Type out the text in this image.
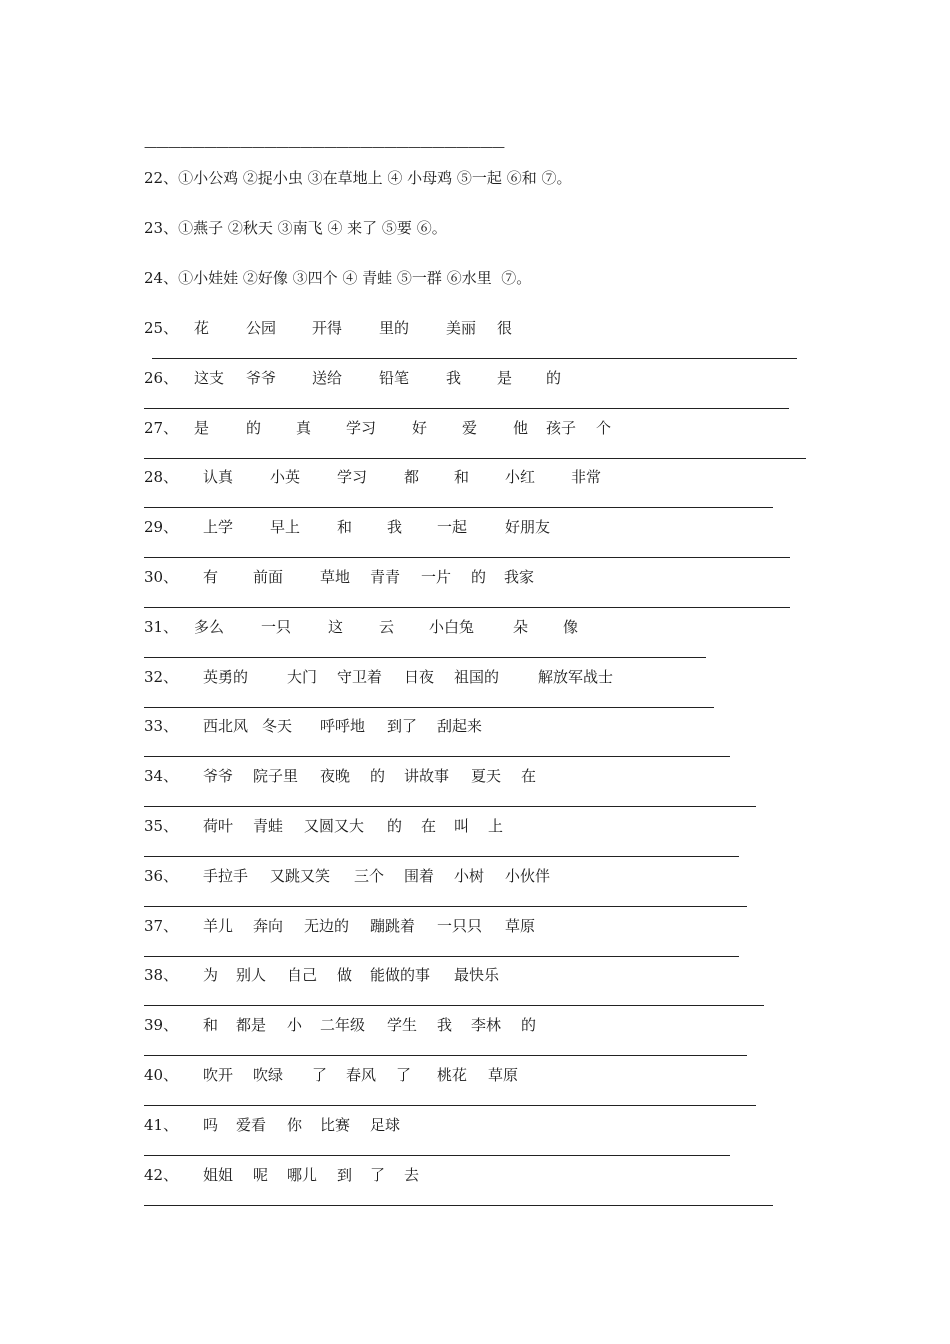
——————————————————————————————
22、①小公鸡 ②捉小虫 ③在草地上 ④ 小母鸡 ⑤一起 ⑥和 ⑦。
23、①燕子 ②秋天 ③南飞 ④ 来了 ⑤要 ⑥。
24、①小娃娃 ②好像 ③四个 ④ 青蛙 ⑤一群 ⑥水里  ⑦。
25、 花 公园 开得 里的 美丽 很
26、 这支 爷爷 送给 铅笔 我 是 的
27、 是 的 真 学习 好 爱 他 孩子 个
28、 认真 小英 学习 都 和 小红 非常
29、 上学 早上 和 我 一起	好朋友
30、 有 前面 草地 青青 一片 的 我家
31、 多么 一只 这 云 小白兔	朵 像
32、 英勇的	大门 守卫着 日夜 祖国的	解放军战士
33、 西北风 冬天 呼呼地 到了 刮起来
34、 爷爷 院子里 夜晚 的 讲故事 夏天 在
35、 荷叶 青蛙 又圆又大 的 在 叫 上
36、 手拉手 又跳又笑 三个 围着 小树 小伙伴
37、 羊儿 奔向 无边的 蹦跳着 一只只 草原
38、 为 别人 自己 做 能做的事 最快乐
39、 和 都是 小 二年级 学生 我 李林 的
40、 吹开 吹绿 了 春风 了 桃花 草原
41、 吗 爱看 你 比赛 足球
42、 姐姐 呢 哪儿 到 了 去
